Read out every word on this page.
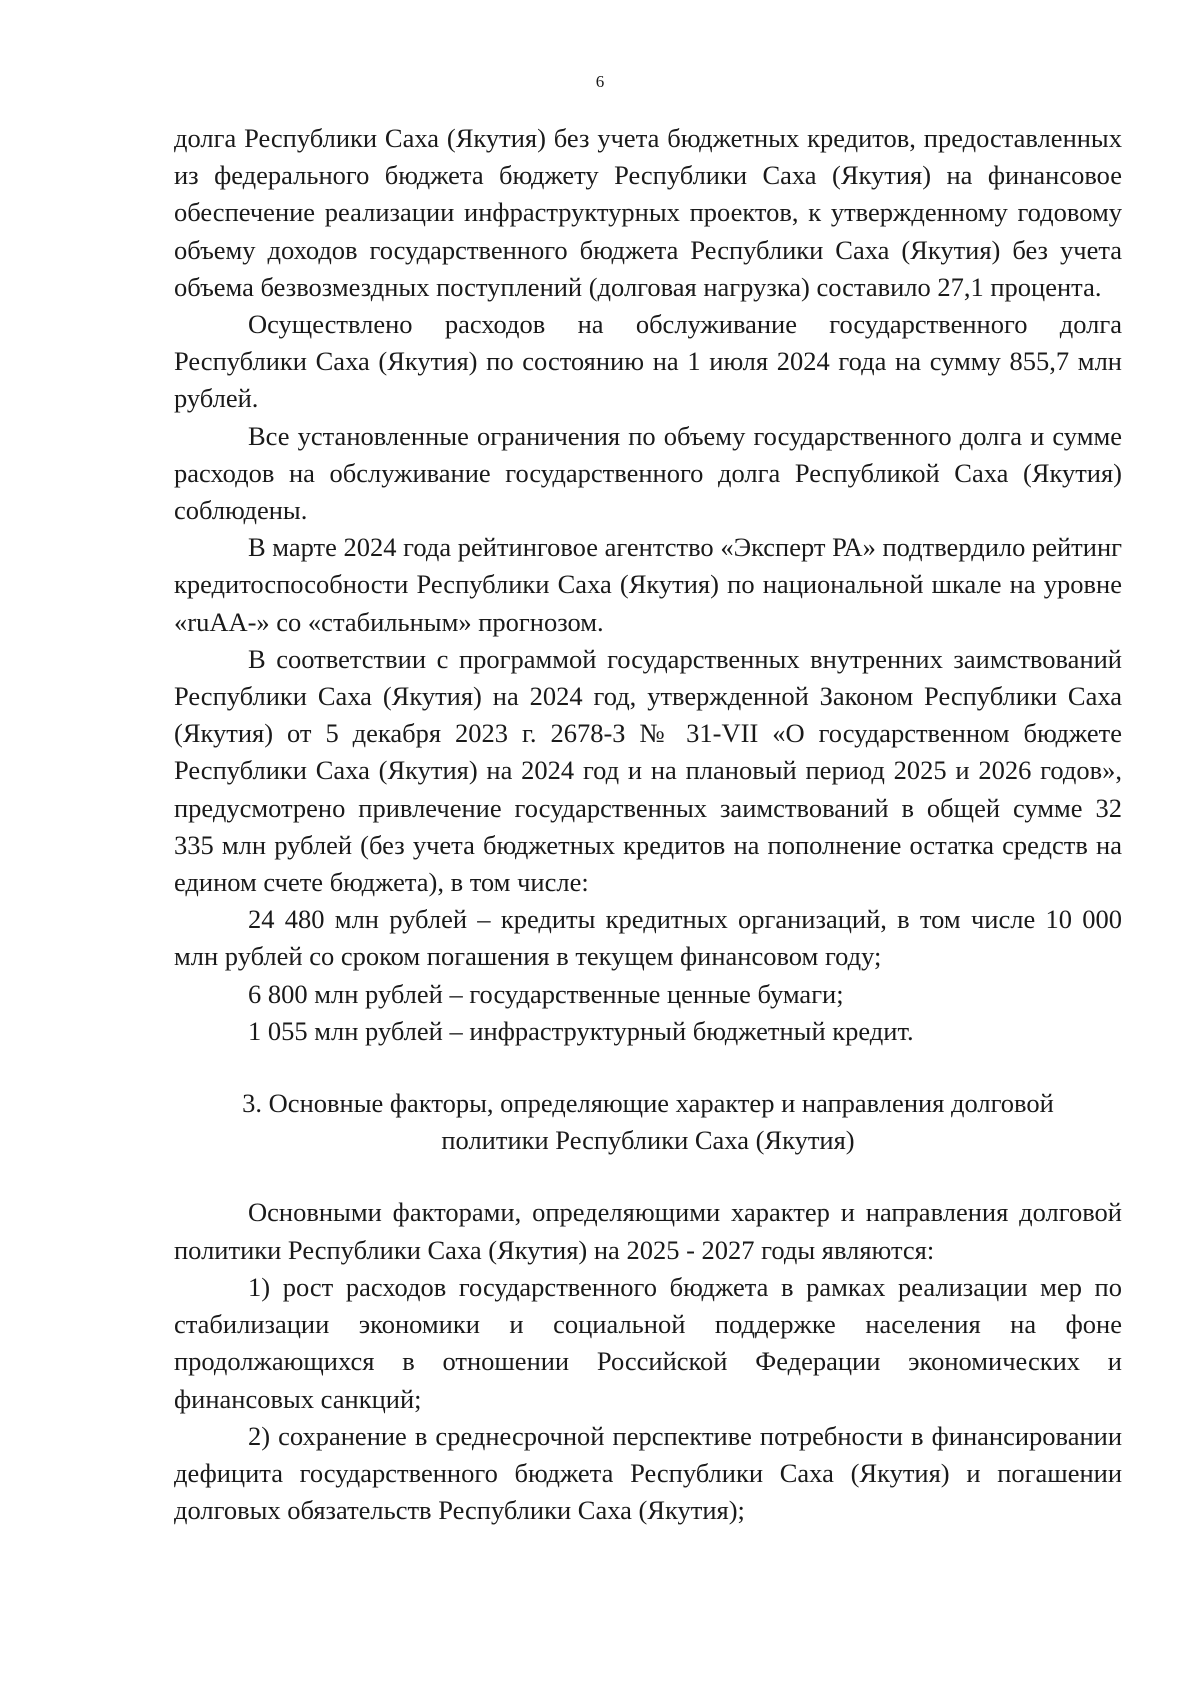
6

долга Республики Саха (Якутия) без учета бюджетных кредитов, предоставленных из федерального бюджета бюджету Республики Саха (Якутия) на финансовое обеспечение реализации инфраструктурных проектов, к утвержденному годовому объему доходов государственного бюджета Республики Саха (Якутия) без учета объема безвозмездных поступлений (долговая нагрузка) составило 27,1 процента.

Осуществлено расходов на обслуживание государственного долга Республики Саха (Якутия) по состоянию на 1 июля 2024 года на сумму 855,7 млн рублей.

Все установленные ограничения по объему государственного долга и сумме расходов на обслуживание государственного долга Республикой Саха (Якутия) соблюдены.

В марте 2024 года рейтинговое агентство «Эксперт РА» подтвердило рейтинг кредитоспособности Республики Саха (Якутия) по национальной шкале на уровне «ruAA-» со «стабильным» прогнозом.

В соответствии с программой государственных внутренних заимствований Республики Саха (Якутия) на 2024 год, утвержденной Законом Республики Саха (Якутия) от 5 декабря 2023 г. 2678-З № 31-VII «О государственном бюджете Республики Саха (Якутия) на 2024 год и на плановый период 2025 и 2026 годов», предусмотрено привлечение государственных заимствований в общей сумме 32 335 млн рублей (без учета бюджетных кредитов на пополнение остатка средств на едином счете бюджета), в том числе:

24 480 млн рублей – кредиты кредитных организаций, в том числе 10 000 млн рублей со сроком погашения в текущем финансовом году;

6 800 млн рублей – государственные ценные бумаги;

1 055 млн рублей – инфраструктурный бюджетный кредит.

3. Основные факторы, определяющие характер и направления долговой
политики Республики Саха (Якутия)

Основными факторами, определяющими характер и направления долговой политики Республики Саха (Якутия) на 2025 - 2027 годы являются:

1) рост расходов государственного бюджета в рамках реализации мер по стабилизации экономики и социальной поддержке населения на фоне продолжающихся в отношении Российской Федерации экономических и финансовых санкций;

2) сохранение в среднесрочной перспективе потребности в финансировании дефицита государственного бюджета Республики Саха (Якутия) и погашении долговых обязательств Республики Саха (Якутия);
